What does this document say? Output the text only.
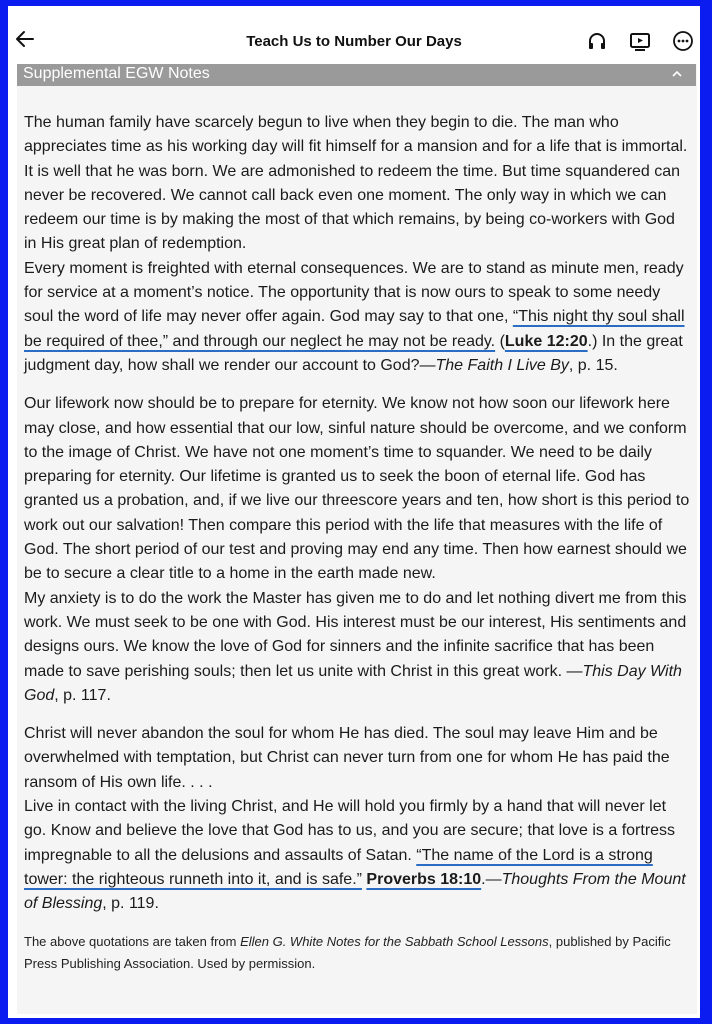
Teach Us to Number Our Days
Supplemental EGW Notes

The human family have scarcely begun to live when they begin to die. The man who appreciates time as his working day will fit himself for a mansion and for a life that is immortal. It is well that he was born. We are admonished to redeem the time. But time squandered can never be recovered. We cannot call back even one moment. The only way in which we can redeem our time is by making the most of that which remains, by being co-workers with God in His great plan of redemption.

Every moment is freighted with eternal consequences. We are to stand as minute men, ready for service at a moment’s notice. The opportunity that is now ours to speak to some needy soul the word of life may never offer again. God may say to that one, “This night thy soul shall be required of thee,” and through our neglect he may not be ready. (Luke 12:20.) In the great judgment day, how shall we render our account to God?—The Faith I Live By, p. 15.

Our lifework now should be to prepare for eternity. We know not how soon our lifework here may close, and how essential that our low, sinful nature should be overcome, and we conform to the image of Christ. We have not one moment’s time to squander. We need to be daily preparing for eternity. Our lifetime is granted us to seek the boon of eternal life. God has granted us a probation, and, if we live our threescore years and ten, how short is this period to work out our salvation! Then compare this period with the life that measures with the life of God. The short period of our test and proving may end any time. Then how earnest should we be to secure a clear title to a home in the earth made new.

My anxiety is to do the work the Master has given me to do and let nothing divert me from this work. We must seek to be one with God. His interest must be our interest, His sentiments and designs ours. We know the love of God for sinners and the infinite sacrifice that has been made to save perishing souls; then let us unite with Christ in this great work. —This Day With God, p. 117.

Christ will never abandon the soul for whom He has died. The soul may leave Him and be overwhelmed with temptation, but Christ can never turn from one for whom He has paid the ransom of His own life. . . .

Live in contact with the living Christ, and He will hold you firmly by a hand that will never let go. Know and believe the love that God has to us, and you are secure; that love is a fortress impregnable to all the delusions and assaults of Satan. “The name of the Lord is a strong tower: the righteous runneth into it, and is safe.” Proverbs 18:10.—Thoughts From the Mount of Blessing, p. 119.

The above quotations are taken from Ellen G. White Notes for the Sabbath School Lessons, published by Pacific Press Publishing Association. Used by permission.
